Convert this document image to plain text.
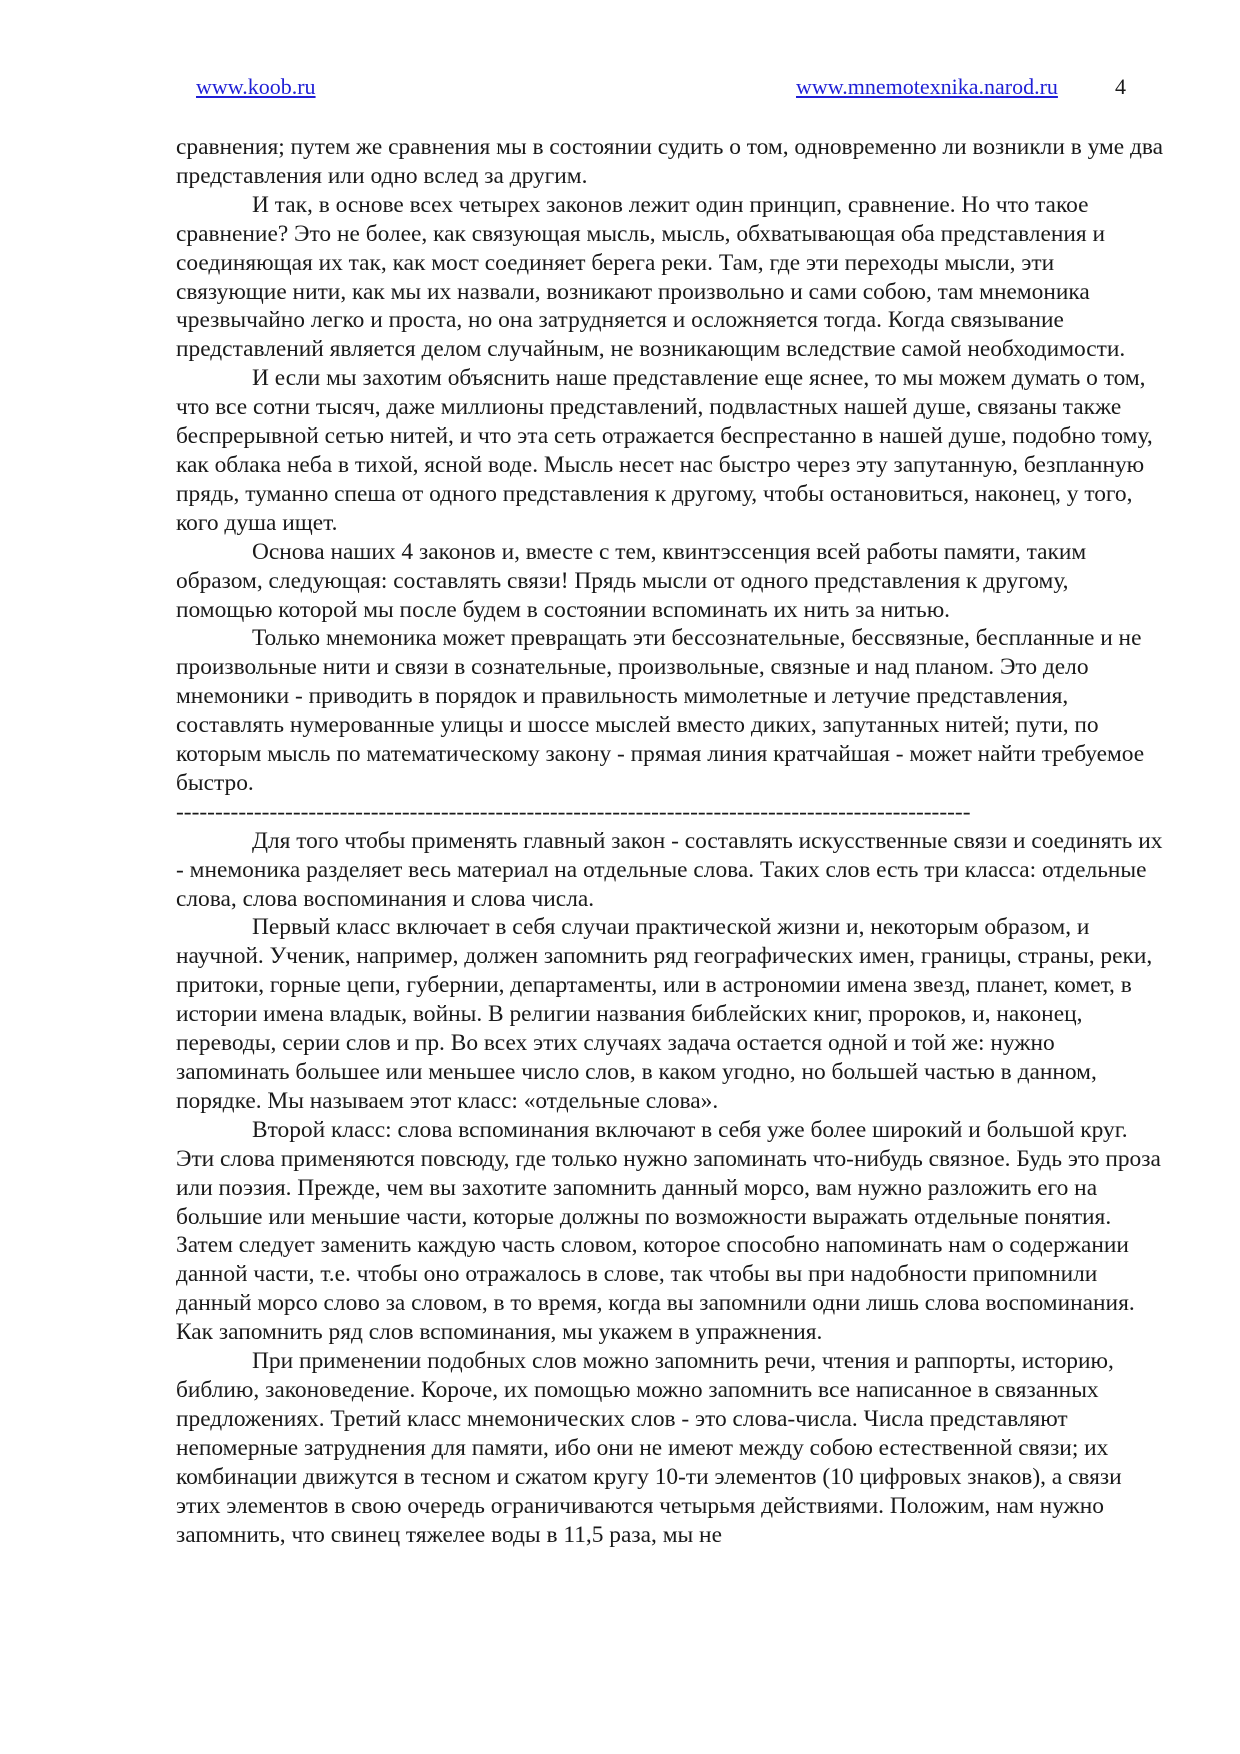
www.koob.ru	www.mnemotexnika.narod.ru	4

сравнения; путем же сравнения мы в состоянии судить о том, одновременно ли возникли в уме два представления или одно вслед за другим.

И так, в основе всех четырех законов лежит один принцип, сравнение. Но что такое сравнение? Это не более, как связующая мысль, мысль, обхватывающая оба представления и соединяющая их так, как мост соединяет берега реки. Там, где эти переходы мысли, эти связующие нити, как мы их назвали, возникают произвольно и сами собою, там мнемоника чрезвычайно легко и проста, но она затрудняется и осложняется тогда. Когда связывание представлений является делом случайным, не возникающим вследствие самой необходимости.

И если мы захотим объяснить наше представление еще яснее, то мы можем думать о том, что все сотни тысяч, даже миллионы представлений, подвластных нашей душе, связаны также беспрерывной сетью нитей, и что эта сеть отражается беспрестанно в нашей душе, подобно тому, как облака неба в тихой, ясной воде. Мысль несет нас быстро через эту запутанную, безпланную прядь, туманно спеша от одного представления к другому, чтобы остановиться, наконец, у того, кого душа ищет.

Основа наших 4 законов и, вместе с тем, квинтэссенция всей работы памяти, таким образом, следующая: составлять связи! Прядь мысли от одного представления к другому, помощью которой мы после будем в состоянии вспоминать их нить за нитью.

Только мнемоника может превращать эти бессознательные, бессвязные, беспланные и не произвольные нити и связи в сознательные, произвольные, связные и над планом. Это дело мнемоники - приводить в порядок и правильность мимолетные и летучие представления, составлять нумерованные улицы и шоссе мыслей вместо диких, запутанных нитей; пути, по которым мысль по математическому закону - прямая линия кратчайшая - может найти требуемое быстро.

------------------------------------------------------------------------------------------------------

Для того чтобы применять главный закон - составлять искусственные связи и соединять их - мнемоника разделяет весь материал на отдельные слова. Таких слов есть три класса: отдельные слова, слова воспоминания и слова числа.

Первый класс включает в себя случаи практической жизни и, некоторым образом, и научной. Ученик, например, должен запомнить ряд географических имен, границы, страны, реки, притоки, горные цепи, губернии, департаменты, или в астрономии имена звезд, планет, комет, в истории имена владык, войны. В религии названия библейских книг, пророков, и, наконец, переводы, серии слов и пр. Во всех этих случаях задача остается одной и той же: нужно запоминать большее или меньшее число слов, в каком угодно, но большей частью в данном, порядке. Мы называем этот класс: «отдельные слова».

Второй класс: слова вспоминания включают в себя уже более широкий и большой круг. Эти слова применяются повсюду, где только нужно запоминать что-нибудь связное. Будь это проза или поэзия. Прежде, чем вы захотите запомнить данный морсо, вам нужно разложить его на большие или меньшие части, которые должны по возможности выражать отдельные понятия. Затем следует заменить каждую часть словом, которое способно напоминать нам о содержании данной части, т.е. чтобы оно отражалось в слове, так чтобы вы при надобности припомнили данный морсо слово за словом, в то время, когда вы запомнили одни лишь слова воспоминания. Как запомнить ряд слов вспоминания, мы укажем в упражнения.

При применении подобных слов можно запомнить речи, чтения и раппорты, историю, библию, законоведение. Короче, их помощью можно запомнить все написанное в связанных предложениях. Третий класс мнемонических слов - это слова-числа. Числа представляют непомерные затруднения для памяти, ибо они не имеют между собою естественной связи; их комбинации движутся в тесном и сжатом кругу 10-ти элементов (10 цифровых знаков), а связи этих элементов в свою очередь ограничиваются четырьмя действиями. Положим, нам нужно запомнить, что свинец тяжелее воды в 11,5 раза, мы не
